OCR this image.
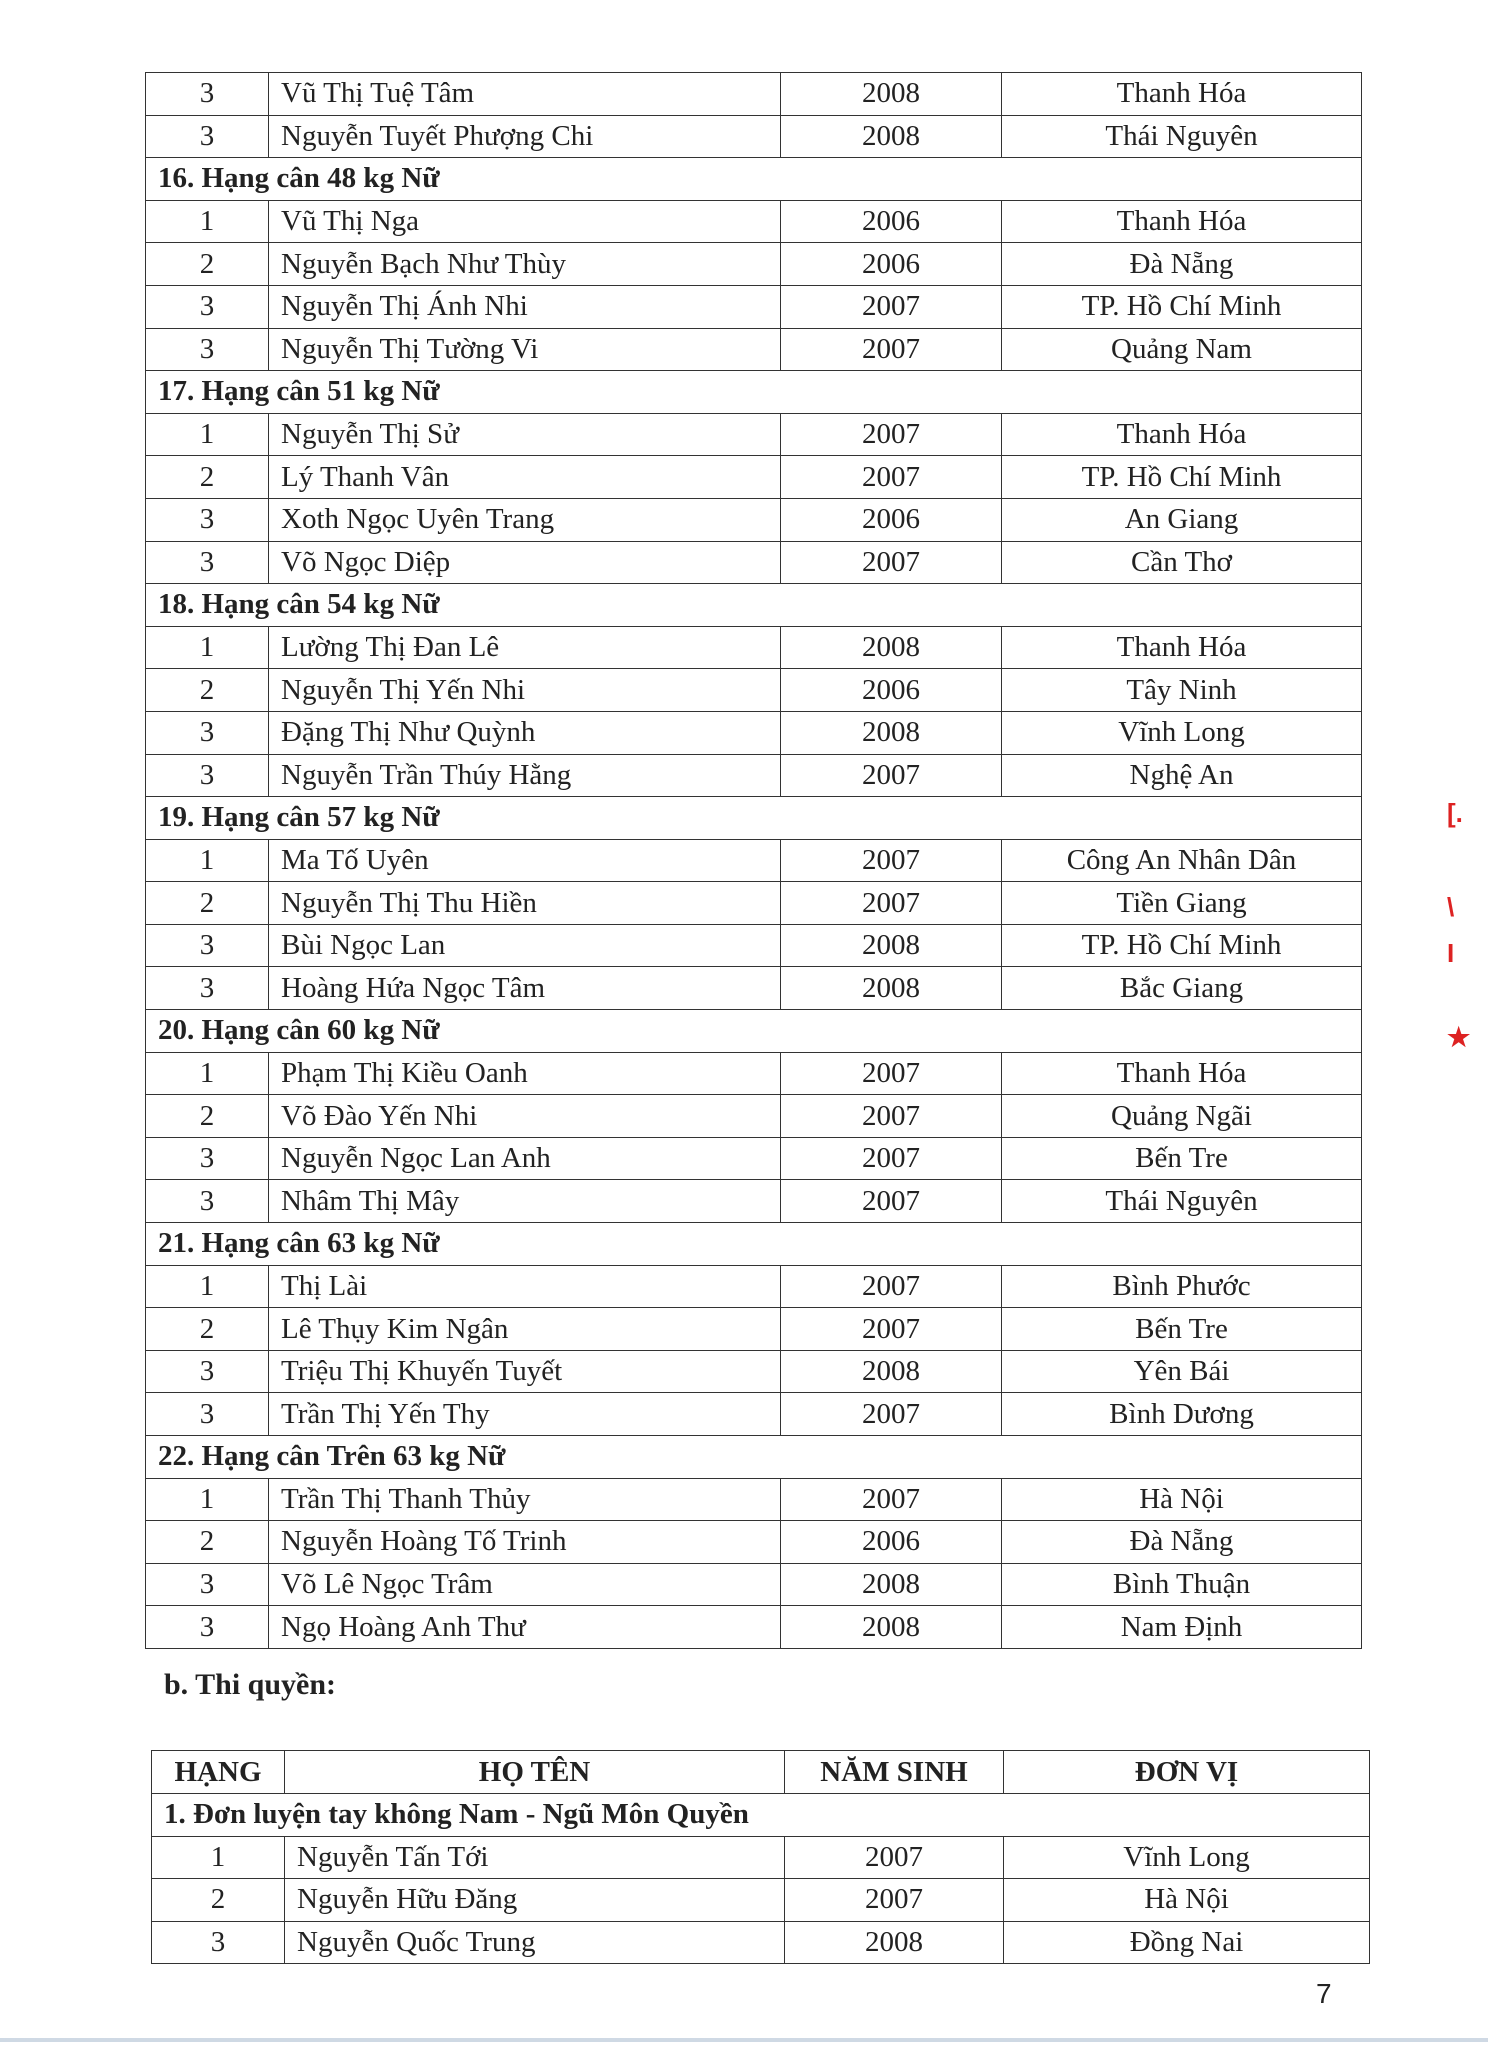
3	Vũ Thị Tuệ Tâm	2008	Thanh Hóa
3	Nguyễn Tuyết Phượng Chi	2008	Thái Nguyên
16. Hạng cân 48 kg Nữ			
1	Vũ Thị Nga	2006	Thanh Hóa
2	Nguyễn Bạch Như Thùy	2006	Đà Nẵng
3	Nguyễn Thị Ánh Nhi	2007	TP. Hồ Chí Minh
3	Nguyễn Thị Tường Vi	2007	Quảng Nam
17. Hạng cân 51 kg Nữ			
1	Nguyễn Thị Sử	2007	Thanh Hóa
2	Lý Thanh Vân	2007	TP. Hồ Chí Minh
3	Xoth Ngọc Uyên Trang	2006	An Giang
3	Võ Ngọc Diệp	2007	Cần Thơ
18. Hạng cân 54 kg Nữ			
1	Lường Thị Đan Lê	2008	Thanh Hóa
2	Nguyễn Thị Yến Nhi	2006	Tây Ninh
3	Đặng Thị Như Quỳnh	2008	Vĩnh Long
3	Nguyễn Trần Thúy Hằng	2007	Nghệ An
19. Hạng cân 57 kg Nữ			
1	Ma Tố Uyên	2007	Công An Nhân Dân
2	Nguyễn Thị Thu Hiền	2007	Tiền Giang
3	Bùi Ngọc Lan	2008	TP. Hồ Chí Minh
3	Hoàng Hứa Ngọc Tâm	2008	Bắc Giang
20. Hạng cân 60 kg Nữ			
1	Phạm Thị Kiều Oanh	2007	Thanh Hóa
2	Võ Đào Yến Nhi	2007	Quảng Ngãi
3	Nguyễn Ngọc Lan Anh	2007	Bến Tre
3	Nhâm Thị Mây	2007	Thái Nguyên
21. Hạng cân 63 kg Nữ			
1	Thị Lài	2007	Bình Phước
2	Lê Thụy Kim Ngân	2007	Bến Tre
3	Triệu Thị Khuyến Tuyết	2008	Yên Bái
3	Trần Thị Yến Thy	2007	Bình Dương
22. Hạng cân Trên 63 kg Nữ			
1	Trần Thị Thanh Thủy	2007	Hà Nội
2	Nguyễn Hoàng Tố Trinh	2006	Đà Nẵng
3	Võ Lê Ngọc Trâm	2008	Bình Thuận
3	Ngọ Hoàng Anh Thư	2008	Nam Định
b. Thi quyền:
HẠNG	HỌ TÊN	NĂM SINH	ĐƠN VỊ
1. Đơn luyện tay không Nam - Ngũ Môn Quyền			
1	Nguyễn Tấn Tới	2007	Vĩnh Long
2	Nguyễn Hữu Đăng	2007	Hà Nội
3	Nguyễn Quốc Trung	2008	Đồng Nai
7
[.
\
I
★
